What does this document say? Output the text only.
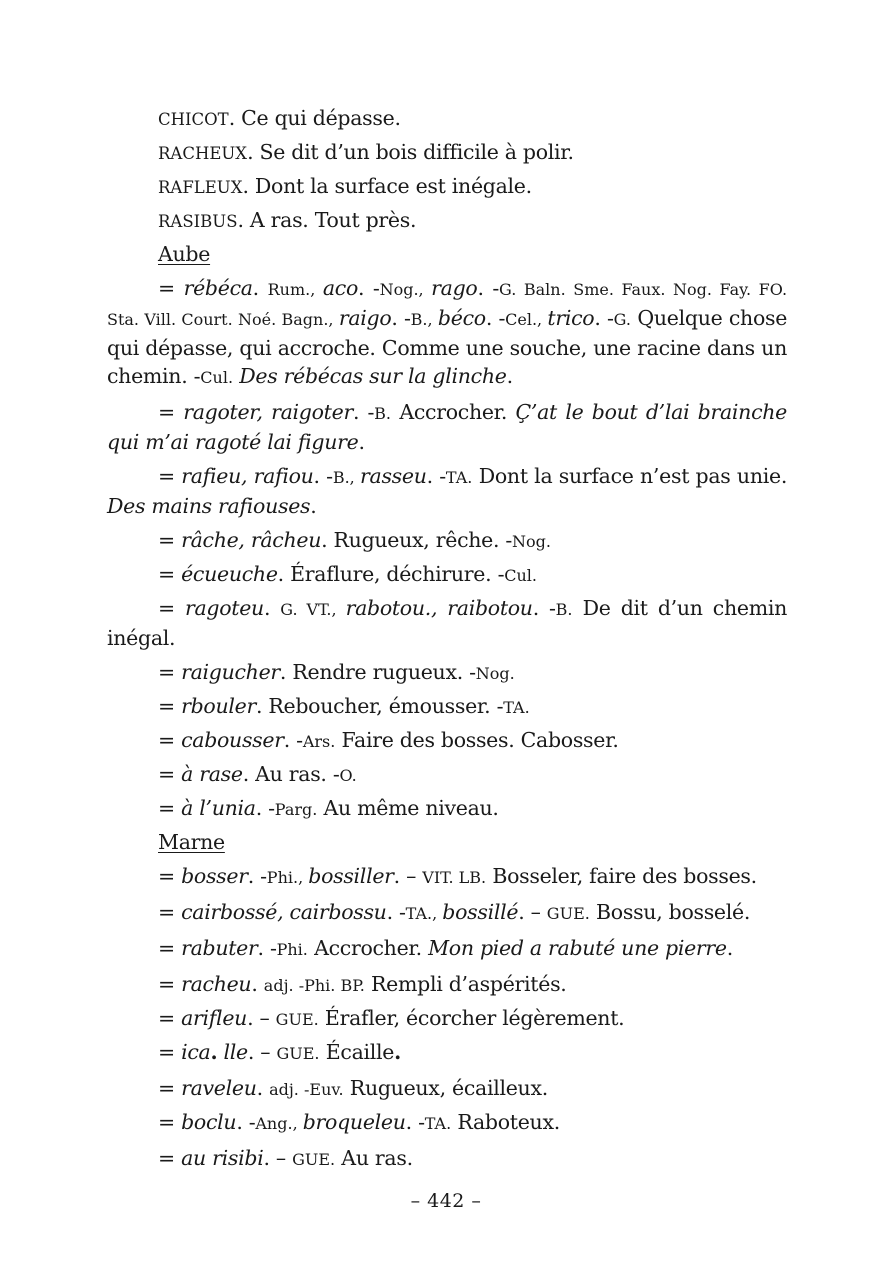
CHICOT. Ce qui dépasse.

RACHEUX. Se dit d’un bois difficile à polir.

RAFLEUX. Dont la surface est inégale.

RASIBUS. A ras. Tout près.

Aube

= rébéca. Rum., aco. -Nog., rago. -G. Baln. Sme. Faux. Nog. Fay. FO. Sta. Vill. Court. Noé. Bagn., raigo. -B., béco. -Cel., trico. -G. Quelque chose qui dépasse, qui accroche. Comme une souche, une racine dans un chemin. -Cul. Des rébécas sur la glinche.

= ragoter, raigoter. -B. Accrocher. Ç’at le bout d’lai brainche qui m’ai ragoté lai figure.

= rafieu, rafiou. -B., rasseu. -TA. Dont la surface n’est pas unie. Des mains rafiouses.

= râche, râcheu. Rugueux, rêche. -Nog.

= écueuche. Éraflure, déchirure. -Cul.

= ragoteu. G. VT., rabotou., raibotou. -B. De dit d’un chemin inégal.

= raigucher. Rendre rugueux. -Nog.

= rbouler. Reboucher, émousser. -TA.

= cabousser. -Ars. Faire des bosses. Cabosser.

= à rase. Au ras. -O.

= à l’unia. -Parg. Au même niveau.

Marne

= bosser. -Phi., bossiller. – VIT. LB. Bosseler, faire des bosses.

= cairbossé, cairbossu. -TA., bossillé. – GUE. Bossu, bosselé.

= rabuter. -Phi. Accrocher. Mon pied a rabuté une pierre.

= racheu. adj. -Phi. BP. Rempli d’aspérités.

= arifleu. – GUE. Érafler, écorcher légèrement.

= ica. lle. – GUE. Écaille.

= raveleu. adj. -Euv. Rugueux, écailleux.

= boclu. -Ang., broqueleu. -TA. Raboteux.

= au risibi. – GUE. Au ras.

– 442 –
